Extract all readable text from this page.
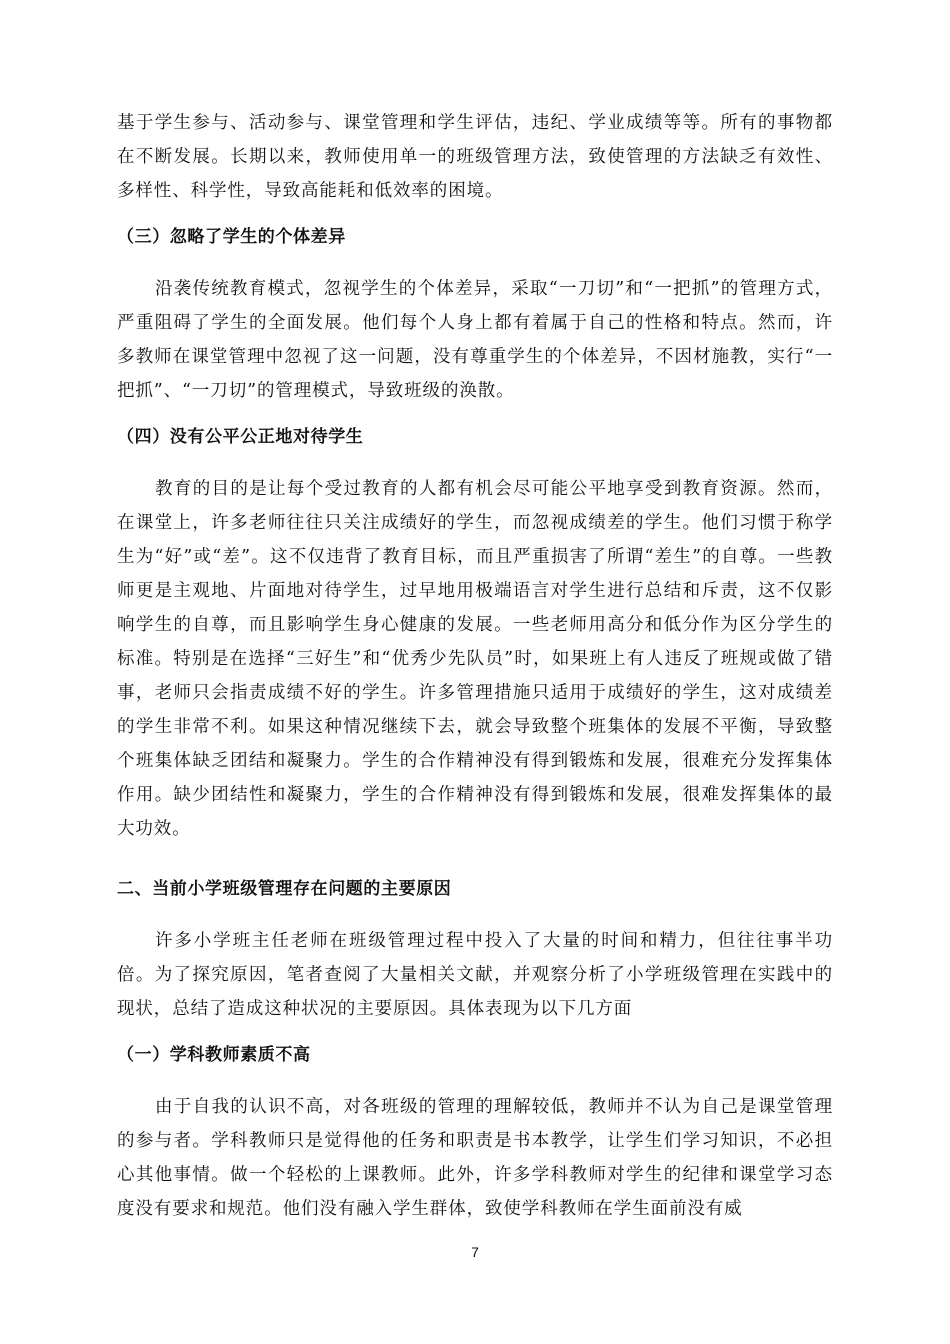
基于学生参与、活动参与、课堂管理和学生评估，违纪、学业成绩等等。所有的事物都在不断发展。长期以来，教师使用单一的班级管理方法，致使管理的方法缺乏有效性、多样性、科学性，导致高能耗和低效率的困境。

（三）忽略了学生的个体差异

沿袭传统教育模式，忽视学生的个体差异，采取“一刀切”和“一把抓”的管理方式，严重阻碍了学生的全面发展。他们每个人身上都有着属于自己的性格和特点。然而，许多教师在课堂管理中忽视了这一问题，没有尊重学生的个体差异，不因材施教，实行“一把抓”、“一刀切”的管理模式，导致班级的涣散。

（四）没有公平公正地对待学生

教育的目的是让每个受过教育的人都有机会尽可能公平地享受到教育资源。然而，在课堂上，许多老师往往只关注成绩好的学生，而忽视成绩差的学生。他们习惯于称学生为“好”或“差”。这不仅违背了教育目标，而且严重损害了所谓“差生”的自尊。一些教师更是主观地、片面地对待学生，过早地用极端语言对学生进行总结和斥责，这不仅影响学生的自尊，而且影响学生身心健康的发展。一些老师用高分和低分作为区分学生的标准。特别是在选择“三好生”和“优秀少先队员”时，如果班上有人违反了班规或做了错事，老师只会指责成绩不好的学生。许多管理措施只适用于成绩好的学生，这对成绩差的学生非常不利。如果这种情况继续下去，就会导致整个班集体的发展不平衡，导致整个班集体缺乏团结和凝聚力。学生的合作精神没有得到锻炼和发展，很难充分发挥集体作用。缺少团结性和凝聚力，学生的合作精神没有得到锻炼和发展，很难发挥集体的最大功效。

二、当前小学班级管理存在问题的主要原因

许多小学班主任老师在班级管理过程中投入了大量的时间和精力，但往往事半功倍。为了探究原因，笔者查阅了大量相关文献，并观察分析了小学班级管理在实践中的现状，总结了造成这种状况的主要原因。具体表现为以下几方面

（一）学科教师素质不高

由于自我的认识不高，对各班级的管理的理解较低，教师并不认为自己是课堂管理的参与者。学科教师只是觉得他的任务和职责是书本教学，让学生们学习知识，不必担心其他事情。做一个轻松的上课教师。此外，许多学科教师对学生的纪律和课堂学习态度没有要求和规范。他们没有融入学生群体，致使学科教师在学生面前没有威

7
